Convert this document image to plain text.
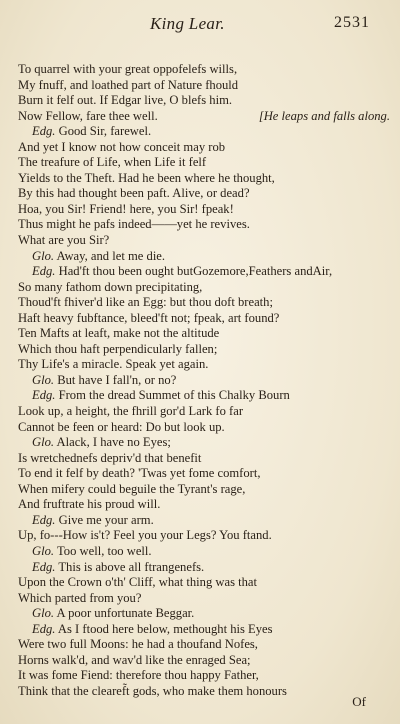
King Lear.	2531
To quarrel with your great oppofelefs wills,
My fnuff, and loathed part of Nature fhould
Burn it felf out. If Edgar live, O blefs him.
Now Fellow, fare thee well.	[He leaps and falls along.
Edg. Good Sir, farewel.
And yet I know not how conceit may rob
The treafure of Life, when Life it felf
Yields to the Theft. Had he been where he thought,
By this had thought been paft. Alive, or dead?
Hoa, you Sir! Friend! here, you Sir! fpeak!
Thus might he pafs indeed——yet he revives.
What are you Sir?
Glo. Away, and let me die.
Edg. Had'ft thou been ought butGozemore,Feathers andAir,
So many fathom down precipitating,
Thoud'ft fhiver'd like an Egg: but thou doft breath;
Haft heavy fubftance, bleed'ft not; fpeak, art found?
Ten Mafts at leaft, make not the altitude
Which thou haft perpendicularly fallen;
Thy Life's a miracle. Speak yet again.
Glo. But have I fall'n, or no?
Edg. From the dread Summet of this Chalky Bourn
Look up, a height, the fhrill gor'd Lark fo far
Cannot be feen or heard: Do but look up.
Glo. Alack, I have no Eyes;
Is wretchednefs depriv'd that benefit
To end it felf by death? 'Twas yet fome comfort,
When mifery could beguile the Tyrant's rage,
And fruftrate his proud will.
Edg. Give me your arm.
Up, fo---How is't? Feel you your Legs? You ftand.
Glo. Too well, too well.
Edg. This is above all ftrangenefs.
Upon the Crown o'th' Cliff, what thing was that
Which parted from you?
Glo. A poor unfortunate Beggar.
Edg. As I ftood here below, methought his Eyes
Were two full Moons: he had a thoufand Nofes,
Horns walk'd, and wav'd like the enraged Sea;
It was fome Fiend: therefore thou happy Father,
Think that the clearef̃t gods, who make them honours
Of
